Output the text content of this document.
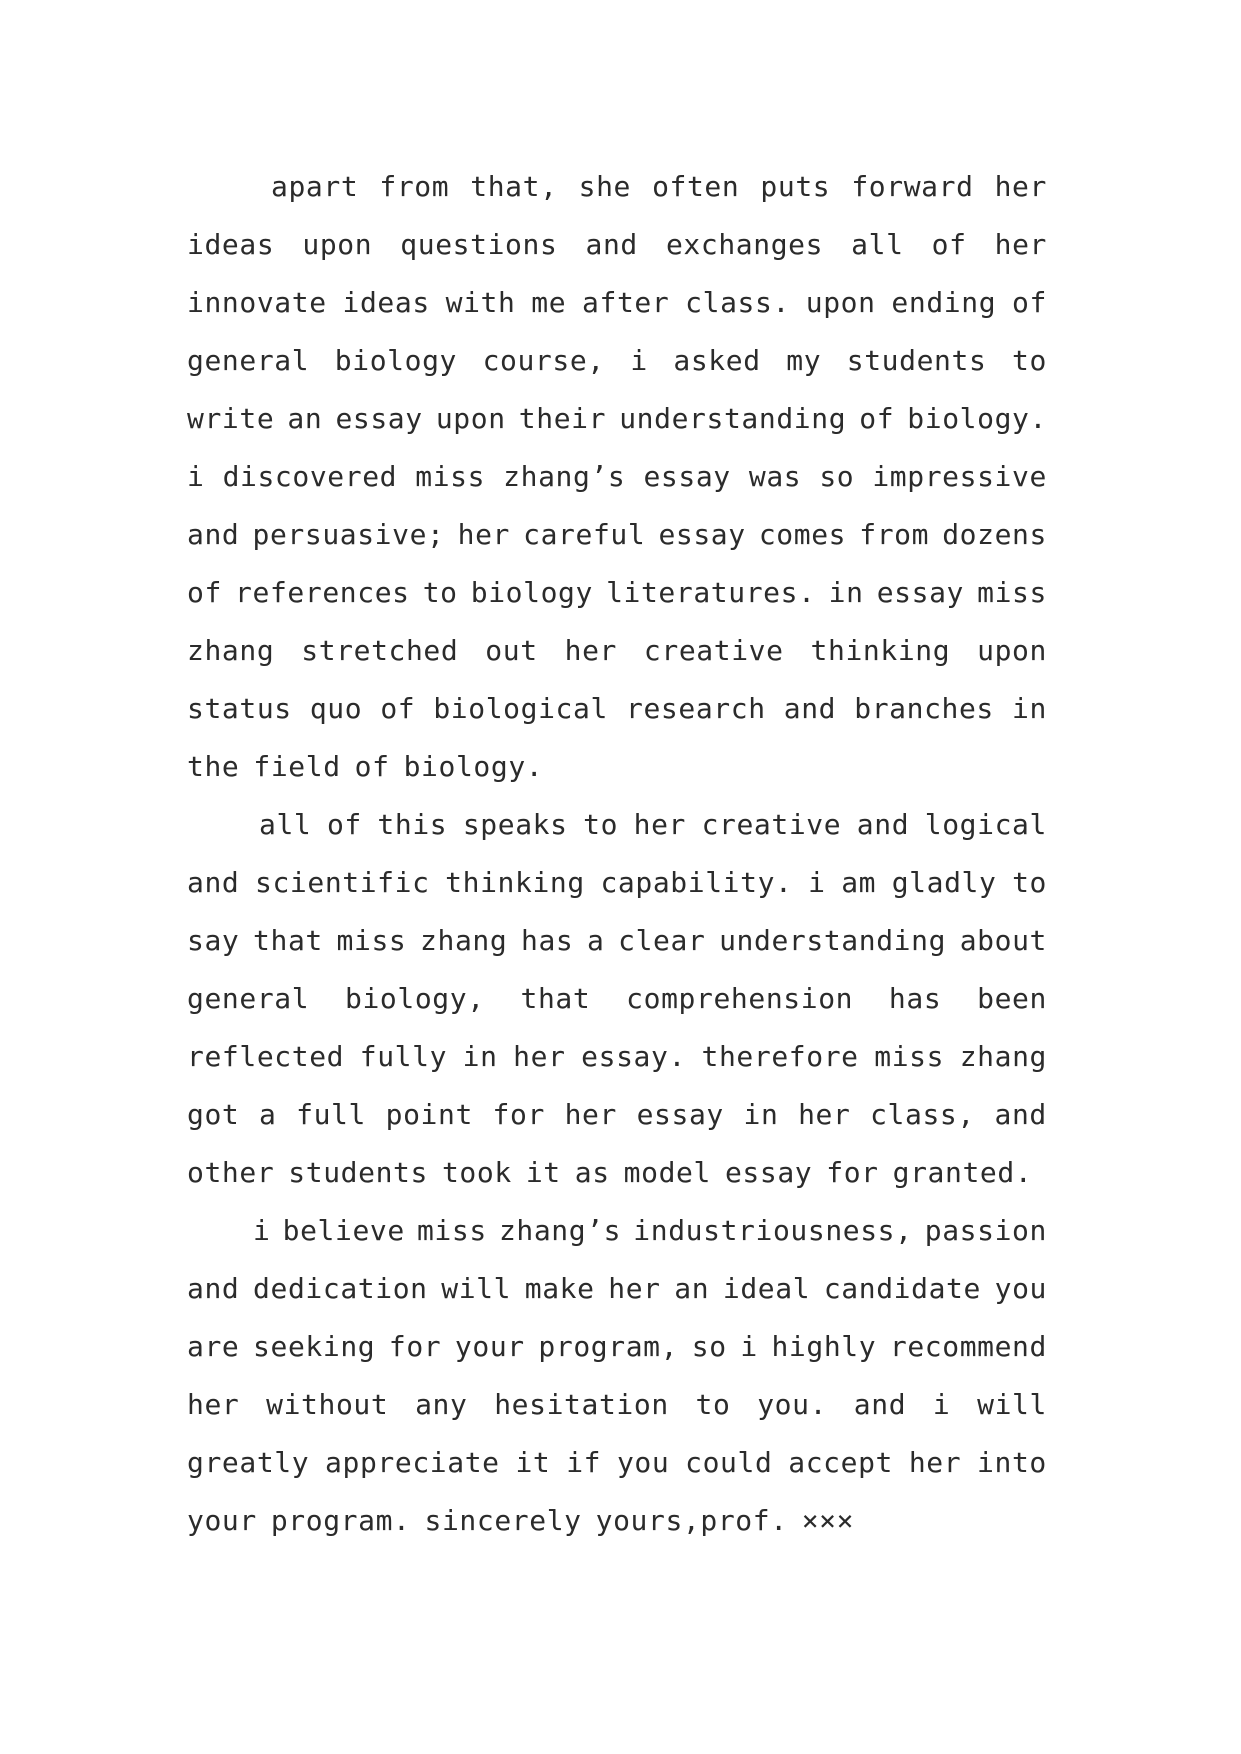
apart from that, she often puts forward her
ideas upon questions and exchanges all of her
innovate ideas with me after class. upon ending of
general biology course, i asked my students to
write an essay upon their understanding of biology.
i discovered miss zhang’s essay was so impressive
and persuasive; her careful essay comes from dozens
of references to biology literatures. in essay miss
zhang stretched out her creative thinking upon
status quo of biological research and branches in
the field of biology.
all of this speaks to her creative and logical
and scientific thinking capability. i am gladly to
say that miss zhang has a clear understanding about
general biology, that comprehension has been
reflected fully in her essay. therefore miss zhang
got a full point for her essay in her class, and
other students took it as model essay for granted.
i believe miss zhang’s industriousness, passion
and dedication will make her an ideal candidate you
are seeking for your program, so i highly recommend
her without any hesitation to you. and i will
greatly appreciate it if you could accept her into
your program. sincerely yours,prof. ×××
